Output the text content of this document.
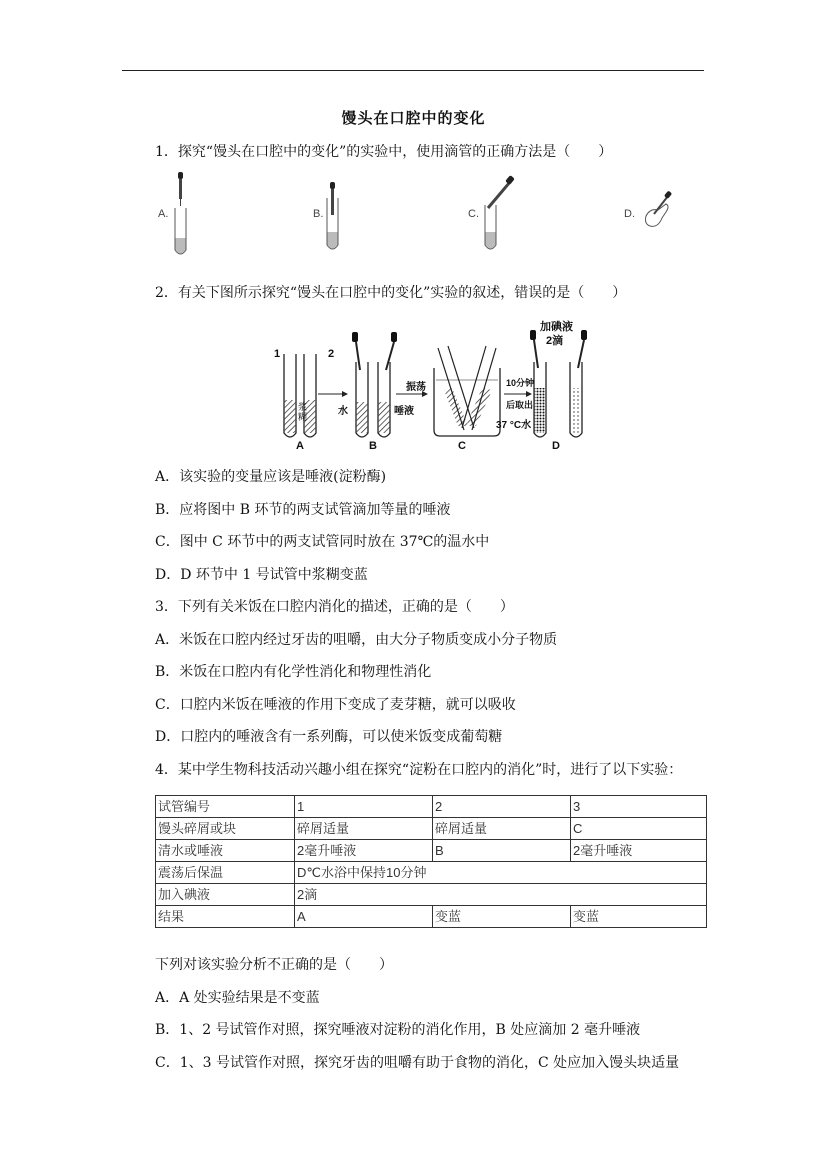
馒头在口腔中的变化
1．探究“馒头在口腔中的变化”的实验中，使用滴管的正确方法是（　　）
A.	B.	C.	D.
2．有关下图所示探究“馒头在口腔中的变化”实验的叙述，错误的是（　　）
1	2
浆糊	水	唾液
振荡	10分钟
后取出
37 °C水
加碘液
2滴
A	B	C	D
A．该实验的变量应该是唾液(淀粉酶)
B．应将图中 B 环节的两支试管滴加等量的唾液
C．图中 C 环节中的两支试管同时放在 37℃的温水中
D．D 环节中 1 号试管中浆糊变蓝
3．下列有关米饭在口腔内消化的描述，正确的是（　　）
A．米饭在口腔内经过牙齿的咀嚼，由大分子物质变成小分子物质
B．米饭在口腔内有化学性消化和物理性消化
C．口腔内米饭在唾液的作用下变成了麦芽糖，就可以吸收
D．口腔内的唾液含有一系列酶，可以使米饭变成葡萄糖
4．某中学生物科技活动兴趣小组在探究“淀粉在口腔内的消化”时，进行了以下实验：
试管编号	1	2	3
馒头碎屑或块	碎屑适量	碎屑适量	C
清水或唾液	2毫升唾液	B	2毫升唾液
震荡后保温	D℃水浴中保持10分钟		
加入碘液	2滴		
结果	A	变蓝	变蓝
下列对该实验分析不正确的是（　　）
A．A 处实验结果是不变蓝
B．1、2 号试管作对照，探究唾液对淀粉的消化作用，B 处应滴加 2 毫升唾液
C．1、3 号试管作对照，探究牙齿的咀嚼有助于食物的消化，C 处应加入馒头块适量
